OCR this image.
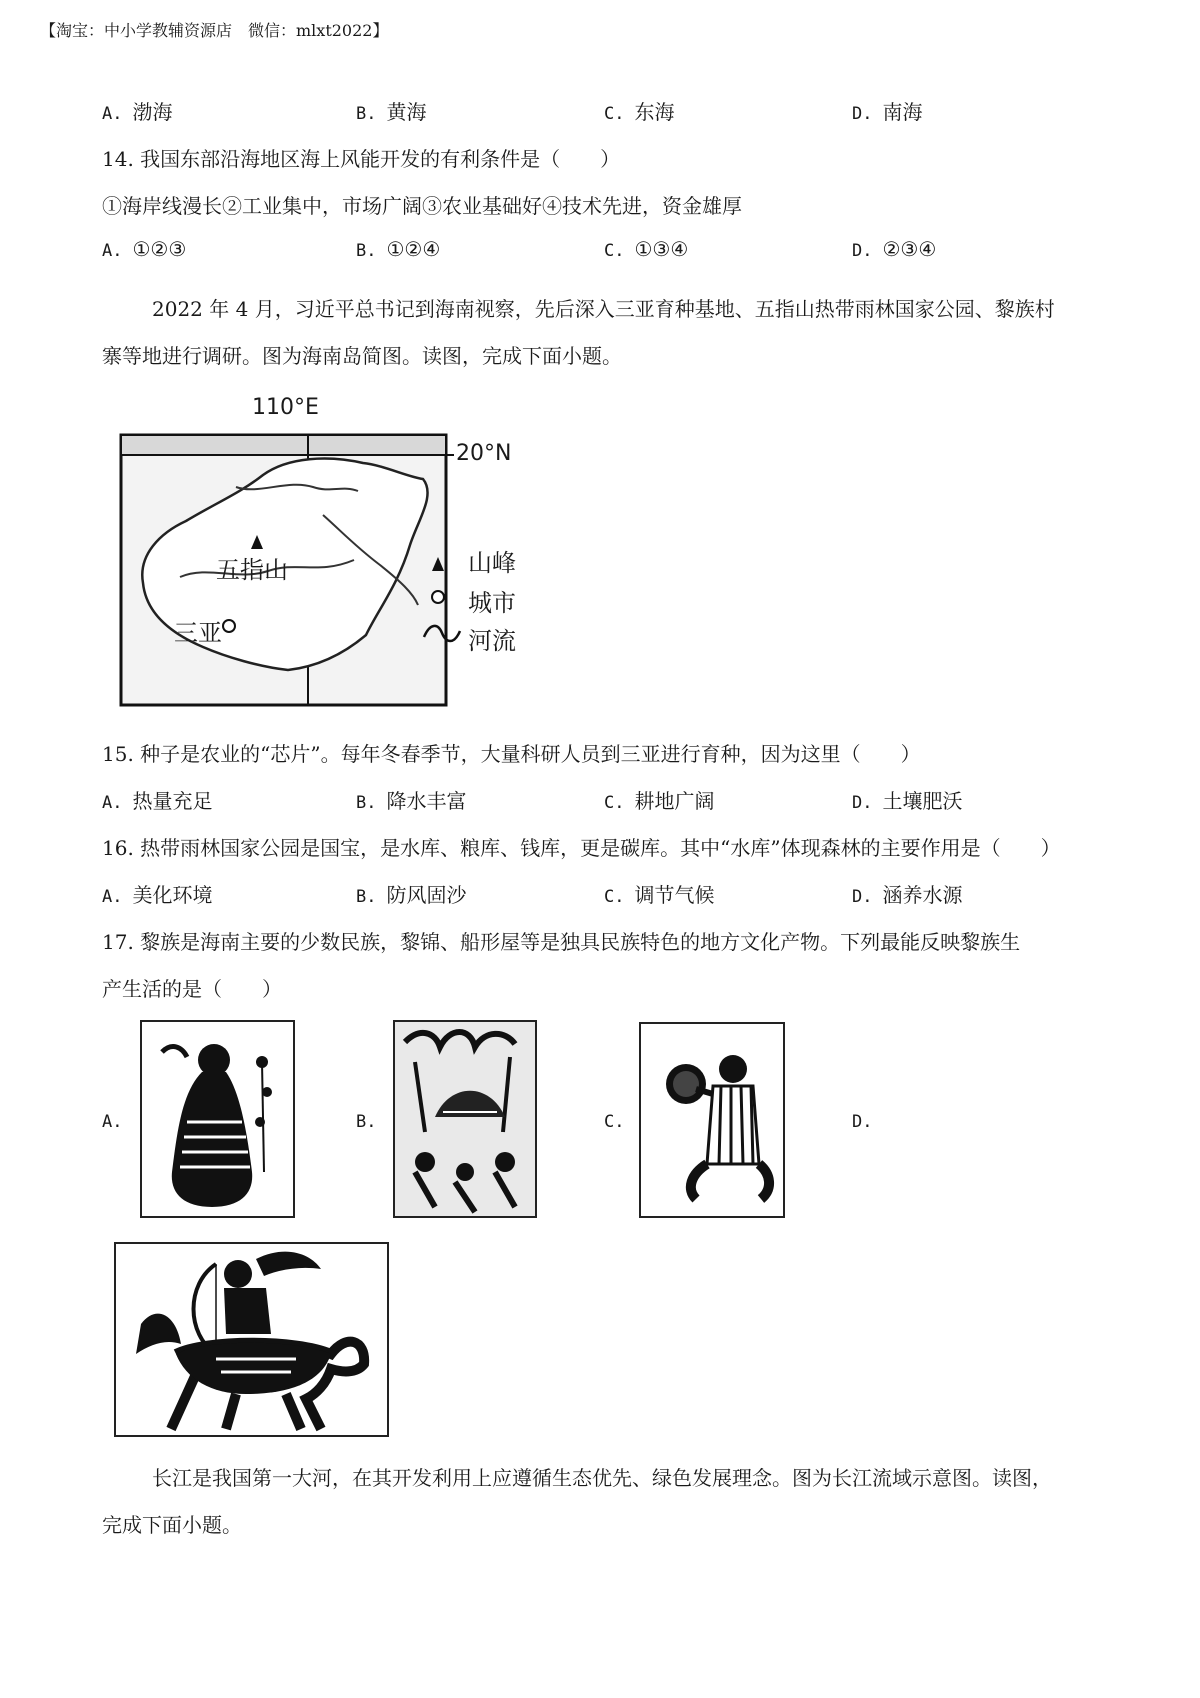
【淘宝：中小学教辅资源店　微信：mlxt2022】
A. 渤海	B. 黄海	C. 东海	D. 南海
14. 我国东部沿海地区海上风能开发的有利条件是（　　）
①海岸线漫长②工业集中，市场广阔③农业基础好④技术先进，资金雄厚
A. ①②③	B. ①②④	C. ①③④	D. ②③④
2022 年 4 月，习近平总书记到海南视察，先后深入三亚育种基地、五指山热带雨林国家公园、黎族村
寨等地进行调研。图为海南岛简图。读图，完成下面小题。
110°E
20°N
五指山
三亚
山峰
城市
河流
15. 种子是农业的“芯片”。每年冬春季节，大量科研人员到三亚进行育种，因为这里（　　）
A. 热量充足	B. 降水丰富	C. 耕地广阔	D. 土壤肥沃
16. 热带雨林国家公园是国宝，是水库、粮库、钱库，更是碳库。其中“水库”体现森林的主要作用是（　　）
A. 美化环境	B. 防风固沙	C. 调节气候	D. 涵养水源
17. 黎族是海南主要的少数民族，黎锦、船形屋等是独具民族特色的地方文化产物。下列最能反映黎族生
产生活的是（　　）
A.	B.	C.	D.
长江是我国第一大河，在其开发利用上应遵循生态优先、绿色发展理念。图为长江流域示意图。读图，
完成下面小题。
